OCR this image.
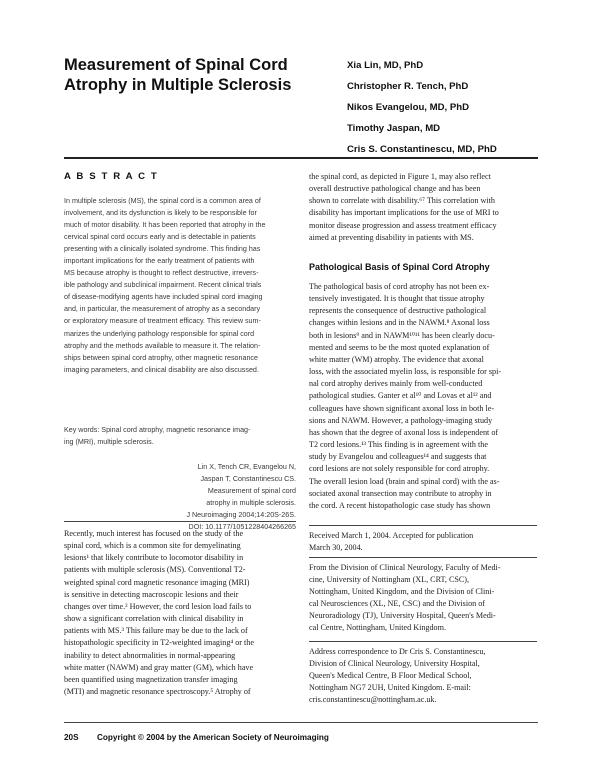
Measurement of Spinal Cord
Atrophy in Multiple Sclerosis
Xia Lin, MD, PhD
Christopher R. Tench, PhD
Nikos Evangelou, MD, PhD
Timothy Jaspan, MD
Cris S. Constantinescu, MD, PhD
A B S T R A C T
In multiple sclerosis (MS), the spinal cord is a common area of
involvement, and its dysfunction is likely to be responsible for
much of motor disability. It has been reported that atrophy in the
cervical spinal cord occurs early and is detectable in patients
presenting with a clinically isolated syndrome. This finding has
important implications for the early treatment of patients with
MS because atrophy is thought to reflect destructive, irrevers-
ible pathology and subclinical impairment. Recent clinical trials
of disease-modifying agents have included spinal cord imaging
and, in particular, the measurement of atrophy as a secondary
or exploratory measure of treatment efficacy. This review sum-
marizes the underlying pathology responsible for spinal cord
atrophy and the methods available to measure it. The relation-
ships between spinal cord atrophy, other magnetic resonance
imaging parameters, and clinical disability are also discussed.
Key words: Spinal cord atrophy, magnetic resonance imag-
ing (MRI), multiple sclerosis.
Lin X, Tench CR, Evangelou N,
Jaspan T, Constantinescu CS.
Measurement of spinal cord
atrophy in multiple sclerosis.
J Neuroimaging 2004;14:20S-26S.
DOI: 10.1177/1051228404266265
Recently, much interest has focused on the study of the
spinal cord, which is a common site for demyelinating
lesions¹ that likely contribute to locomotor disability in
patients with multiple sclerosis (MS). Conventional T2-
weighted spinal cord magnetic resonance imaging (MRI)
is sensitive in detecting macroscopic lesions and their
changes over time.² However, the cord lesion load fails to
show a significant correlation with clinical disability in
patients with MS.³ This failure may be due to the lack of
histopathologic specificity in T2-weighted imaging⁴ or the
inability to detect abnormalities in normal-appearing
white matter (NAWM) and gray matter (GM), which have
been quantified using magnetization transfer imaging
(MTI) and magnetic resonance spectroscopy.⁵ Atrophy of
the spinal cord, as depicted in Figure 1, may also reflect
overall destructive pathological change and has been
shown to correlate with disability.⁶⁷ This correlation with
disability has important implications for the use of MRI to
monitor disease progression and assess treatment efficacy
aimed at preventing disability in patients with MS.
Pathological Basis of Spinal Cord Atrophy
The pathological basis of cord atrophy has not been ex-
tensively investigated. It is thought that tissue atrophy
represents the consequence of destructive pathological
changes within lesions and in the NAWM.⁸ Axonal loss
both in lesions⁹ and in NAWM¹⁰¹¹ has been clearly docu-
mented and seems to be the most quoted explanation of
white matter (WM) atrophy. The evidence that axonal
loss, with the associated myelin loss, is responsible for spi-
nal cord atrophy derives mainly from well-conducted
pathological studies. Ganter et al¹⁰ and Lovas et al¹² and
colleagues have shown significant axonal loss in both le-
sions and NAWM. However, a pathology-imaging study
has shown that the degree of axonal loss is independent of
T2 cord lesions.¹³ This finding is in agreement with the
study by Evangelou and colleagues¹⁴ and suggests that
cord lesions are not solely responsible for cord atrophy.
The overall lesion load (brain and spinal cord) with the as-
sociated axonal transection may contribute to atrophy in
the cord. A recent histopathologic case study has shown
Received March 1, 2004. Accepted for publication
March 30, 2004.
From the Division of Clinical Neurology, Faculty of Medi-
cine, University of Nottingham (XL, CRT, CSC),
Nottingham, United Kingdom, and the Division of Clini-
cal Neurosciences (XL, NE, CSC) and the Division of
Neuroradiology (TJ), University Hospital, Queen's Medi-
cal Centre, Nottingham, United Kingdom.
Address correspondence to Dr Cris S. Constantinescu,
Division of Clinical Neurology, University Hospital,
Queen's Medical Centre, B Floor Medical School,
Nottingham NG7 2UH, United Kingdom. E-mail:
cris.constantinescu@nottingham.ac.uk.
20S Copyright © 2004 by the American Society of Neuroimaging
